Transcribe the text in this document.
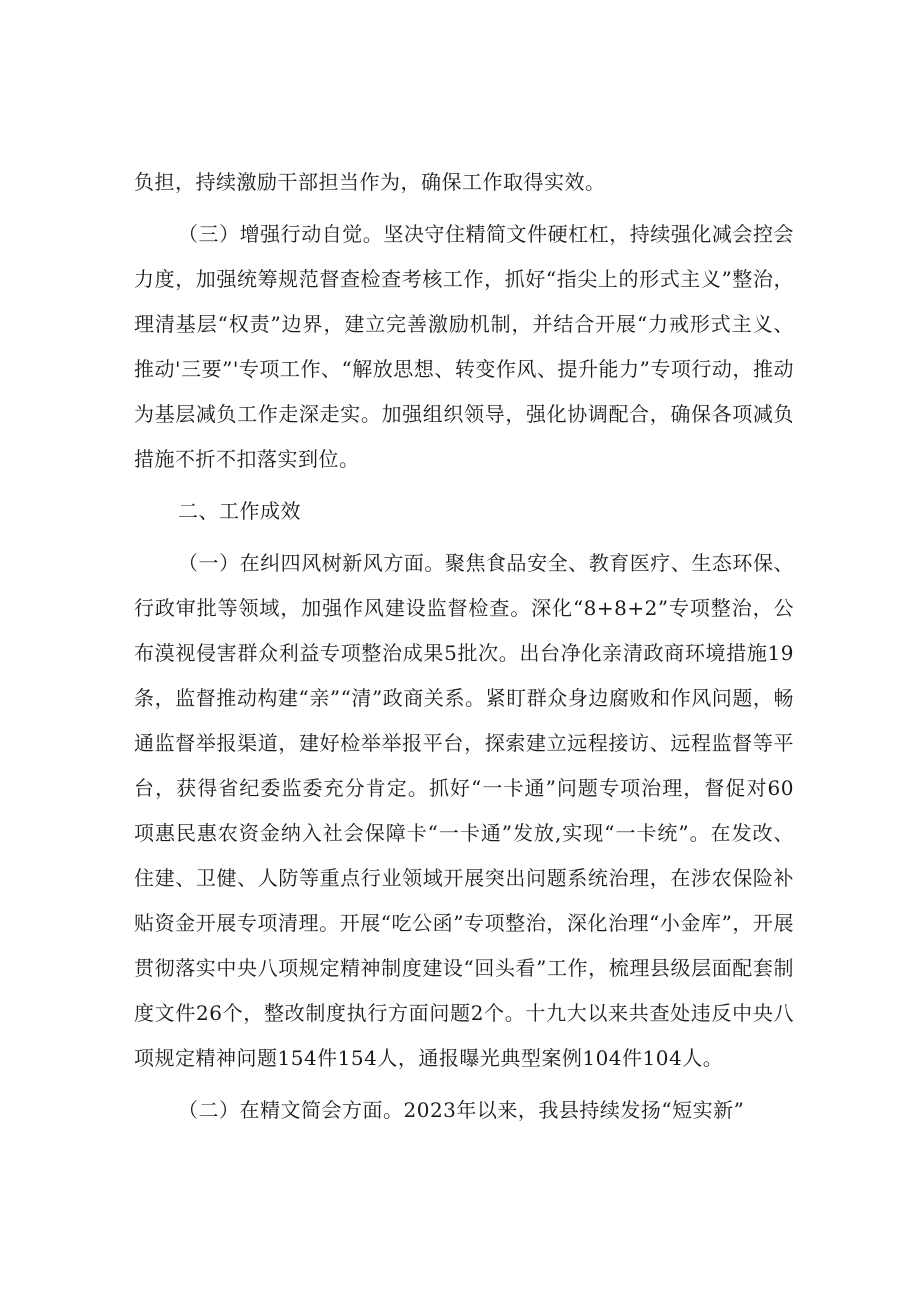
负担，持续激励干部担当作为，确保工作取得实效。

（三）增强行动自觉。坚决守住精简文件硬杠杠，持续强化减会控会力度，加强统筹规范督查检查考核工作，抓好“指尖上的形式主义”整治，理清基层“权责”边界，建立完善激励机制，并结合开展“力戒形式主义、推动'三要”'专项工作、“解放思想、转变作风、提升能力”专项行动，推动为基层减负工作走深走实。加强组织领导，强化协调配合，确保各项减负措施不折不扣落实到位。

二、工作成效

（一）在纠四风树新风方面。聚焦食品安全、教育医疗、生态环保、行政审批等领域，加强作风建设监督检查。深化“8+8+2”专项整治，公布漠视侵害群众利益专项整治成果5批次。出台净化亲清政商环境措施19条，监督推动构建“亲”“清”政商关系。紧盯群众身边腐败和作风问题，畅通监督举报渠道，建好检举举报平台，探索建立远程接访、远程监督等平台，获得省纪委监委充分肯定。抓好“一卡通”问题专项治理，督促对60项惠民惠农资金纳入社会保障卡“一卡通”发放,实现“一卡统”。在发改、住建、卫健、人防等重点行业领域开展突出问题系统治理，在涉农保险补贴资金开展专项清理。开展“吃公函”专项整治，深化治理“小金库”，开展贯彻落实中央八项规定精神制度建设“回头看”工作，梳理县级层面配套制度文件26个，整改制度执行方面问题2个。十九大以来共查处违反中央八项规定精神问题154件154人，通报曝光典型案例104件104人。

（二）在精文简会方面。2023年以来，我县持续发扬“短实新”
